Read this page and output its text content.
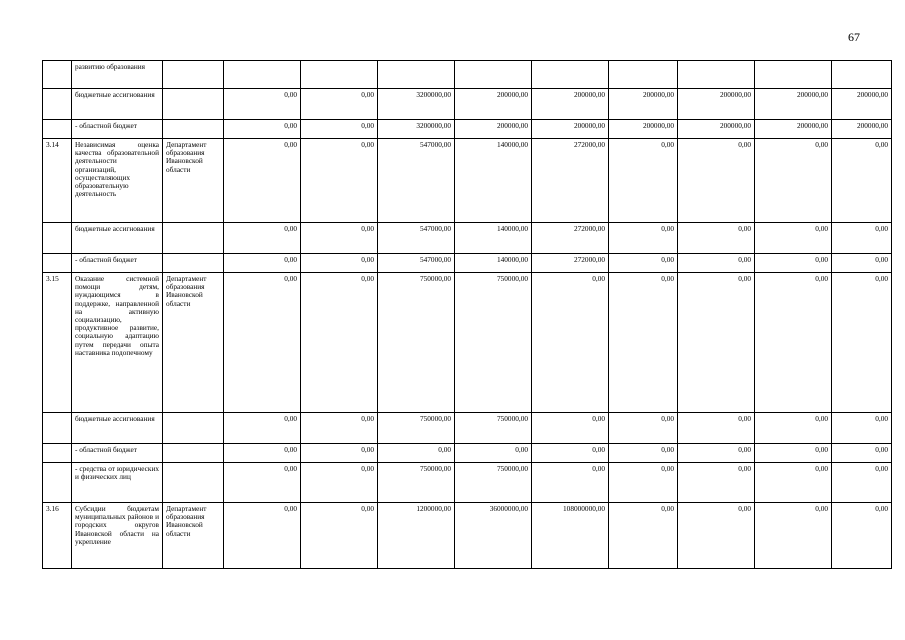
67
	развитию образования										
	бюджетные ассигнования		0,00	0,00	3200000,00	200000,00	200000,00	200000,00	200000,00	200000,00	200000,00
	- областной бюджет		0,00	0,00	3200000,00	200000,00	200000,00	200000,00	200000,00	200000,00	200000,00
3.14	Независимая оценка качества образовательной деятельности организаций, осуществляющих образовательную деятельность	Департамент образования Ивановской области	0,00	0,00	547000,00	140000,00	272000,00	0,00	0,00	0,00	0,00
	бюджетные ассигнования		0,00	0,00	547000,00	140000,00	272000,00	0,00	0,00	0,00	0,00
	- областной бюджет		0,00	0,00	547000,00	140000,00	272000,00	0,00	0,00	0,00	0,00
3.15	Оказание системной помощи детям, нуждающимся в поддержке, направленной на активную социализацию, продуктивное развитие, социальную адаптацию путем передачи опыта наставника подопечному	Департамент образования Ивановской области	0,00	0,00	750000,00	750000,00	0,00	0,00	0,00	0,00	0,00
	бюджетные ассигнования		0,00	0,00	750000,00	750000,00	0,00	0,00	0,00	0,00	0,00
	- областной бюджет		0,00	0,00	0,00	0,00	0,00	0,00	0,00	0,00	0,00
	- средства от юридических и физических лиц		0,00	0,00	750000,00	750000,00	0,00	0,00	0,00	0,00	0,00
3.16	Субсидии бюджетам муниципальных районов и городских округов Ивановской области на укрепление	Департамент образования Ивановской области	0,00	0,00	1200000,00	36000000,00	108000000,00	0,00	0,00	0,00	0,00
